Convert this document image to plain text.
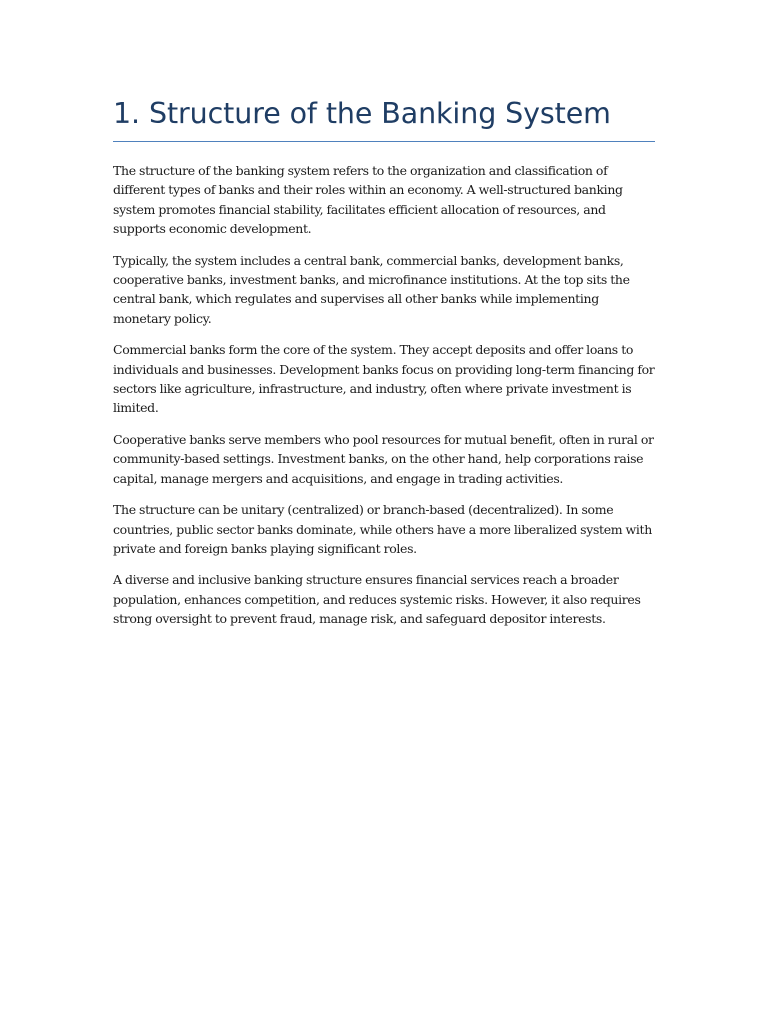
1. Structure of the Banking System

The structure of the banking system refers to the organization and classification of different types of banks and their roles within an economy. A well-structured banking system promotes financial stability, facilitates efficient allocation of resources, and supports economic development.

Typically, the system includes a central bank, commercial banks, development banks, cooperative banks, investment banks, and microfinance institutions. At the top sits the central bank, which regulates and supervises all other banks while implementing monetary policy.

Commercial banks form the core of the system. They accept deposits and offer loans to individuals and businesses. Development banks focus on providing long-term financing for sectors like agriculture, infrastructure, and industry, often where private investment is limited.

Cooperative banks serve members who pool resources for mutual benefit, often in rural or community-based settings. Investment banks, on the other hand, help corporations raise capital, manage mergers and acquisitions, and engage in trading activities.

The structure can be unitary (centralized) or branch-based (decentralized). In some countries, public sector banks dominate, while others have a more liberalized system with private and foreign banks playing significant roles.

A diverse and inclusive banking structure ensures financial services reach a broader population, enhances competition, and reduces systemic risks. However, it also requires strong oversight to prevent fraud, manage risk, and safeguard depositor interests.
